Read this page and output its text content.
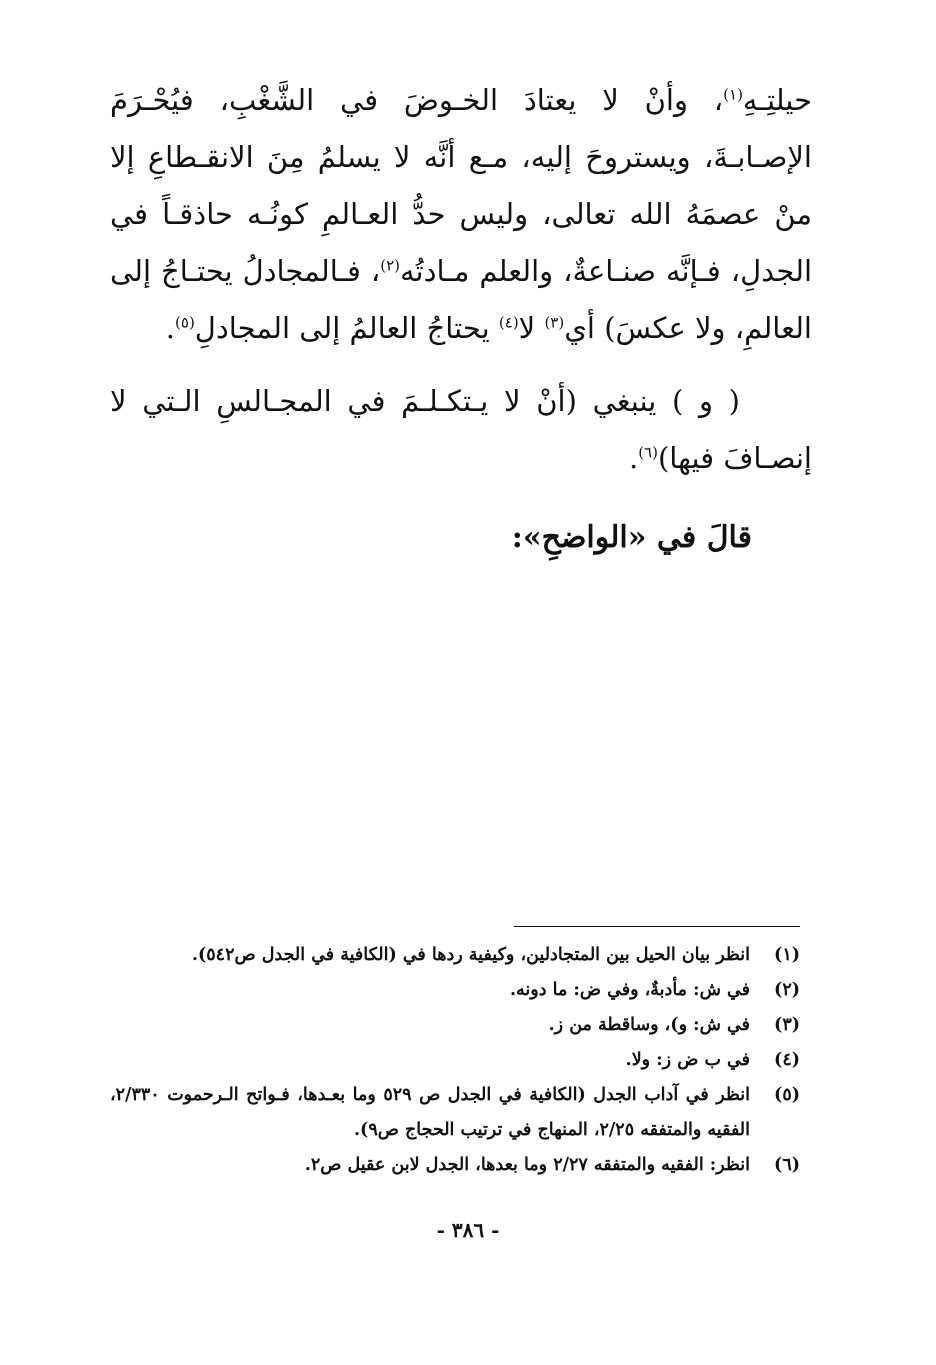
حيلتِـهِ$^{(١)}$، وأنْ لا يعتادَ الخـوضَ في الشَّغْبِ، فيُحْـرَمَ الإصـابـةَ، ويستروحَ إليه، مـع أنَّه لا يسلمُ مِنَ الانقـطاعِ إلا منْ عصمَهُ الله تعالى، وليس حدُّ العـالمِ كونُـه حاذقـاً في الجدلِ، فـإنَّه صنـاعةٌ، والعلم مـادتُه$^{(٢)}$، فـالمجادلُ يحتـاجُ إلى العالمِ، ولا عكسَ) أي$^{(٣)}$ لا$^{(٤)}$ يحتاجُ العالمُ إلى المجادلِ$^{(٥)}$.

( و ) ينبغي (أنْ لا يـتكـلـمَ في المجـالسِ الـتي لا إنصـافَ فيها)$^{(٦)}$.

قالَ في «الواضحِ»:

(١)
انظر بيان الحيل بين المتجادلين، وكيفية ردها في (الكافية في الجدل ص٥٤٢).
(٢)
في ش: مأدبةٌ، وفي ض: ما دونه.
(٣)
في ش: و)، وساقطة من ز.
(٤)
في ب ض ز: ولا.
(٥)
انظر في آداب الجدل (الكافية في الجدل ص ٥٢٩ وما بعـدها، فـواتح الـرحموت ٢/٣٣٠، الفقيه والمتفقه ٢/٢٥، المنهاج في ترتيب الحجاج ص٩).
(٦)
انظر: الفقيه والمتفقه ٢/٢٧ وما بعدها، الجدل لابن عقيل ص٢.
- ٣٨٦ -
